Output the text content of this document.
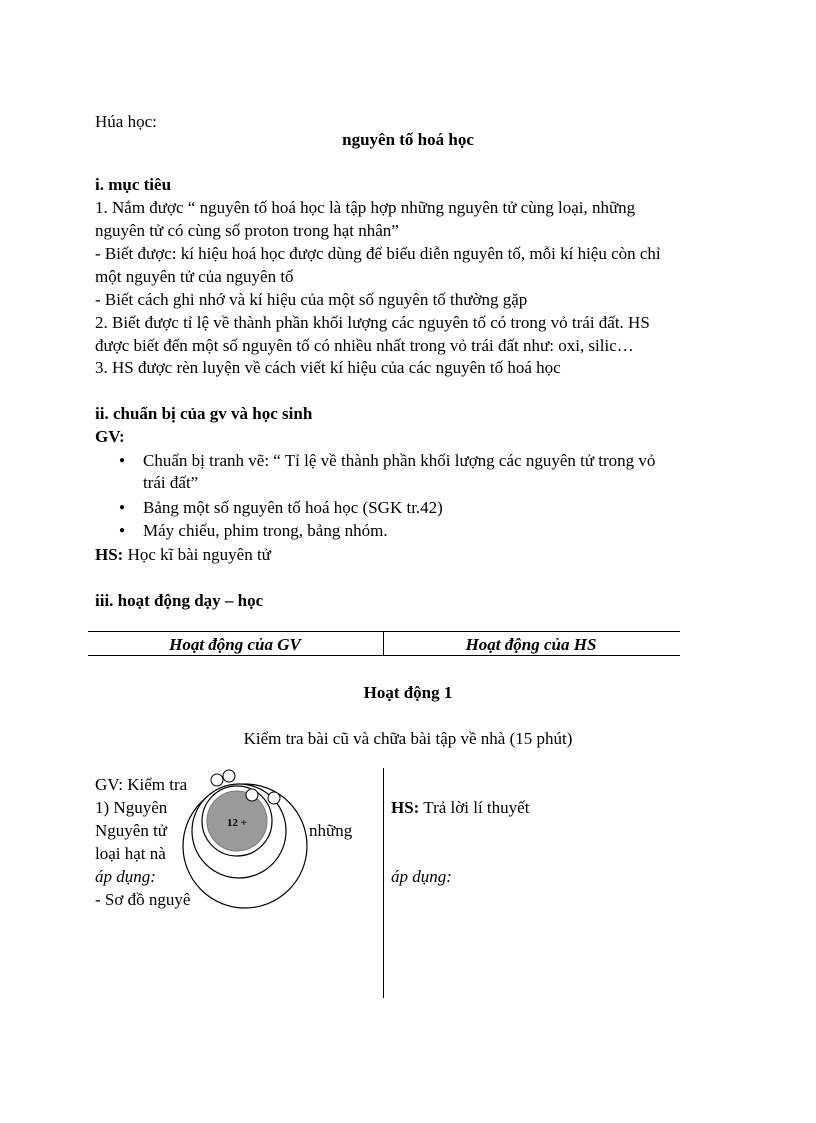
Húa học:
nguyên tố hoá học
i. mục tiêu
1. Nắm được “ nguyên tố hoá học là tập hợp những nguyên tử cùng loại, những
nguyên tử có cùng số proton trong hạt nhân”
- Biết được: kí hiệu hoá học được dùng để biểu diễn nguyên tố, mỗi kí hiệu còn chỉ
một nguyên tử của nguyên tố
- Biết cách ghi nhớ và kí hiệu của một số nguyên tố thường gặp
2. Biết được tỉ lệ về thành phần khối lượng các nguyên tố có trong vỏ trái đất. HS
được biết đến một số nguyên tố có nhiều nhất trong vỏ trái đất như: oxi, silic…
3. HS được rèn luyện về cách viết kí hiệu của các nguyên tố hoá học
ii. chuẩn bị của gv và học sinh
GV:
● Chuẩn bị tranh vẽ: “ Tỉ lệ về thành phần khối lượng các nguyên tử trong vỏ
trái đất”
● Bảng một số nguyên tố hoá học (SGK tr.42)
● Máy chiếu, phim trong, bảng nhóm.
HS: Học kĩ bài nguyên tử
iii. hoạt động dạy – học
Hoạt động của GV	Hoạt động của HS
Hoạt động 1
Kiểm tra bài cũ và chữa bài tập về nhà (15 phút)
GV: Kiểm tra
1) Nguyên
Nguyên tử	những
loại hạt nà
áp dụng:
- Sơ đồ nguyê
12 +
HS: Trả lời lí thuyết
áp dụng:
